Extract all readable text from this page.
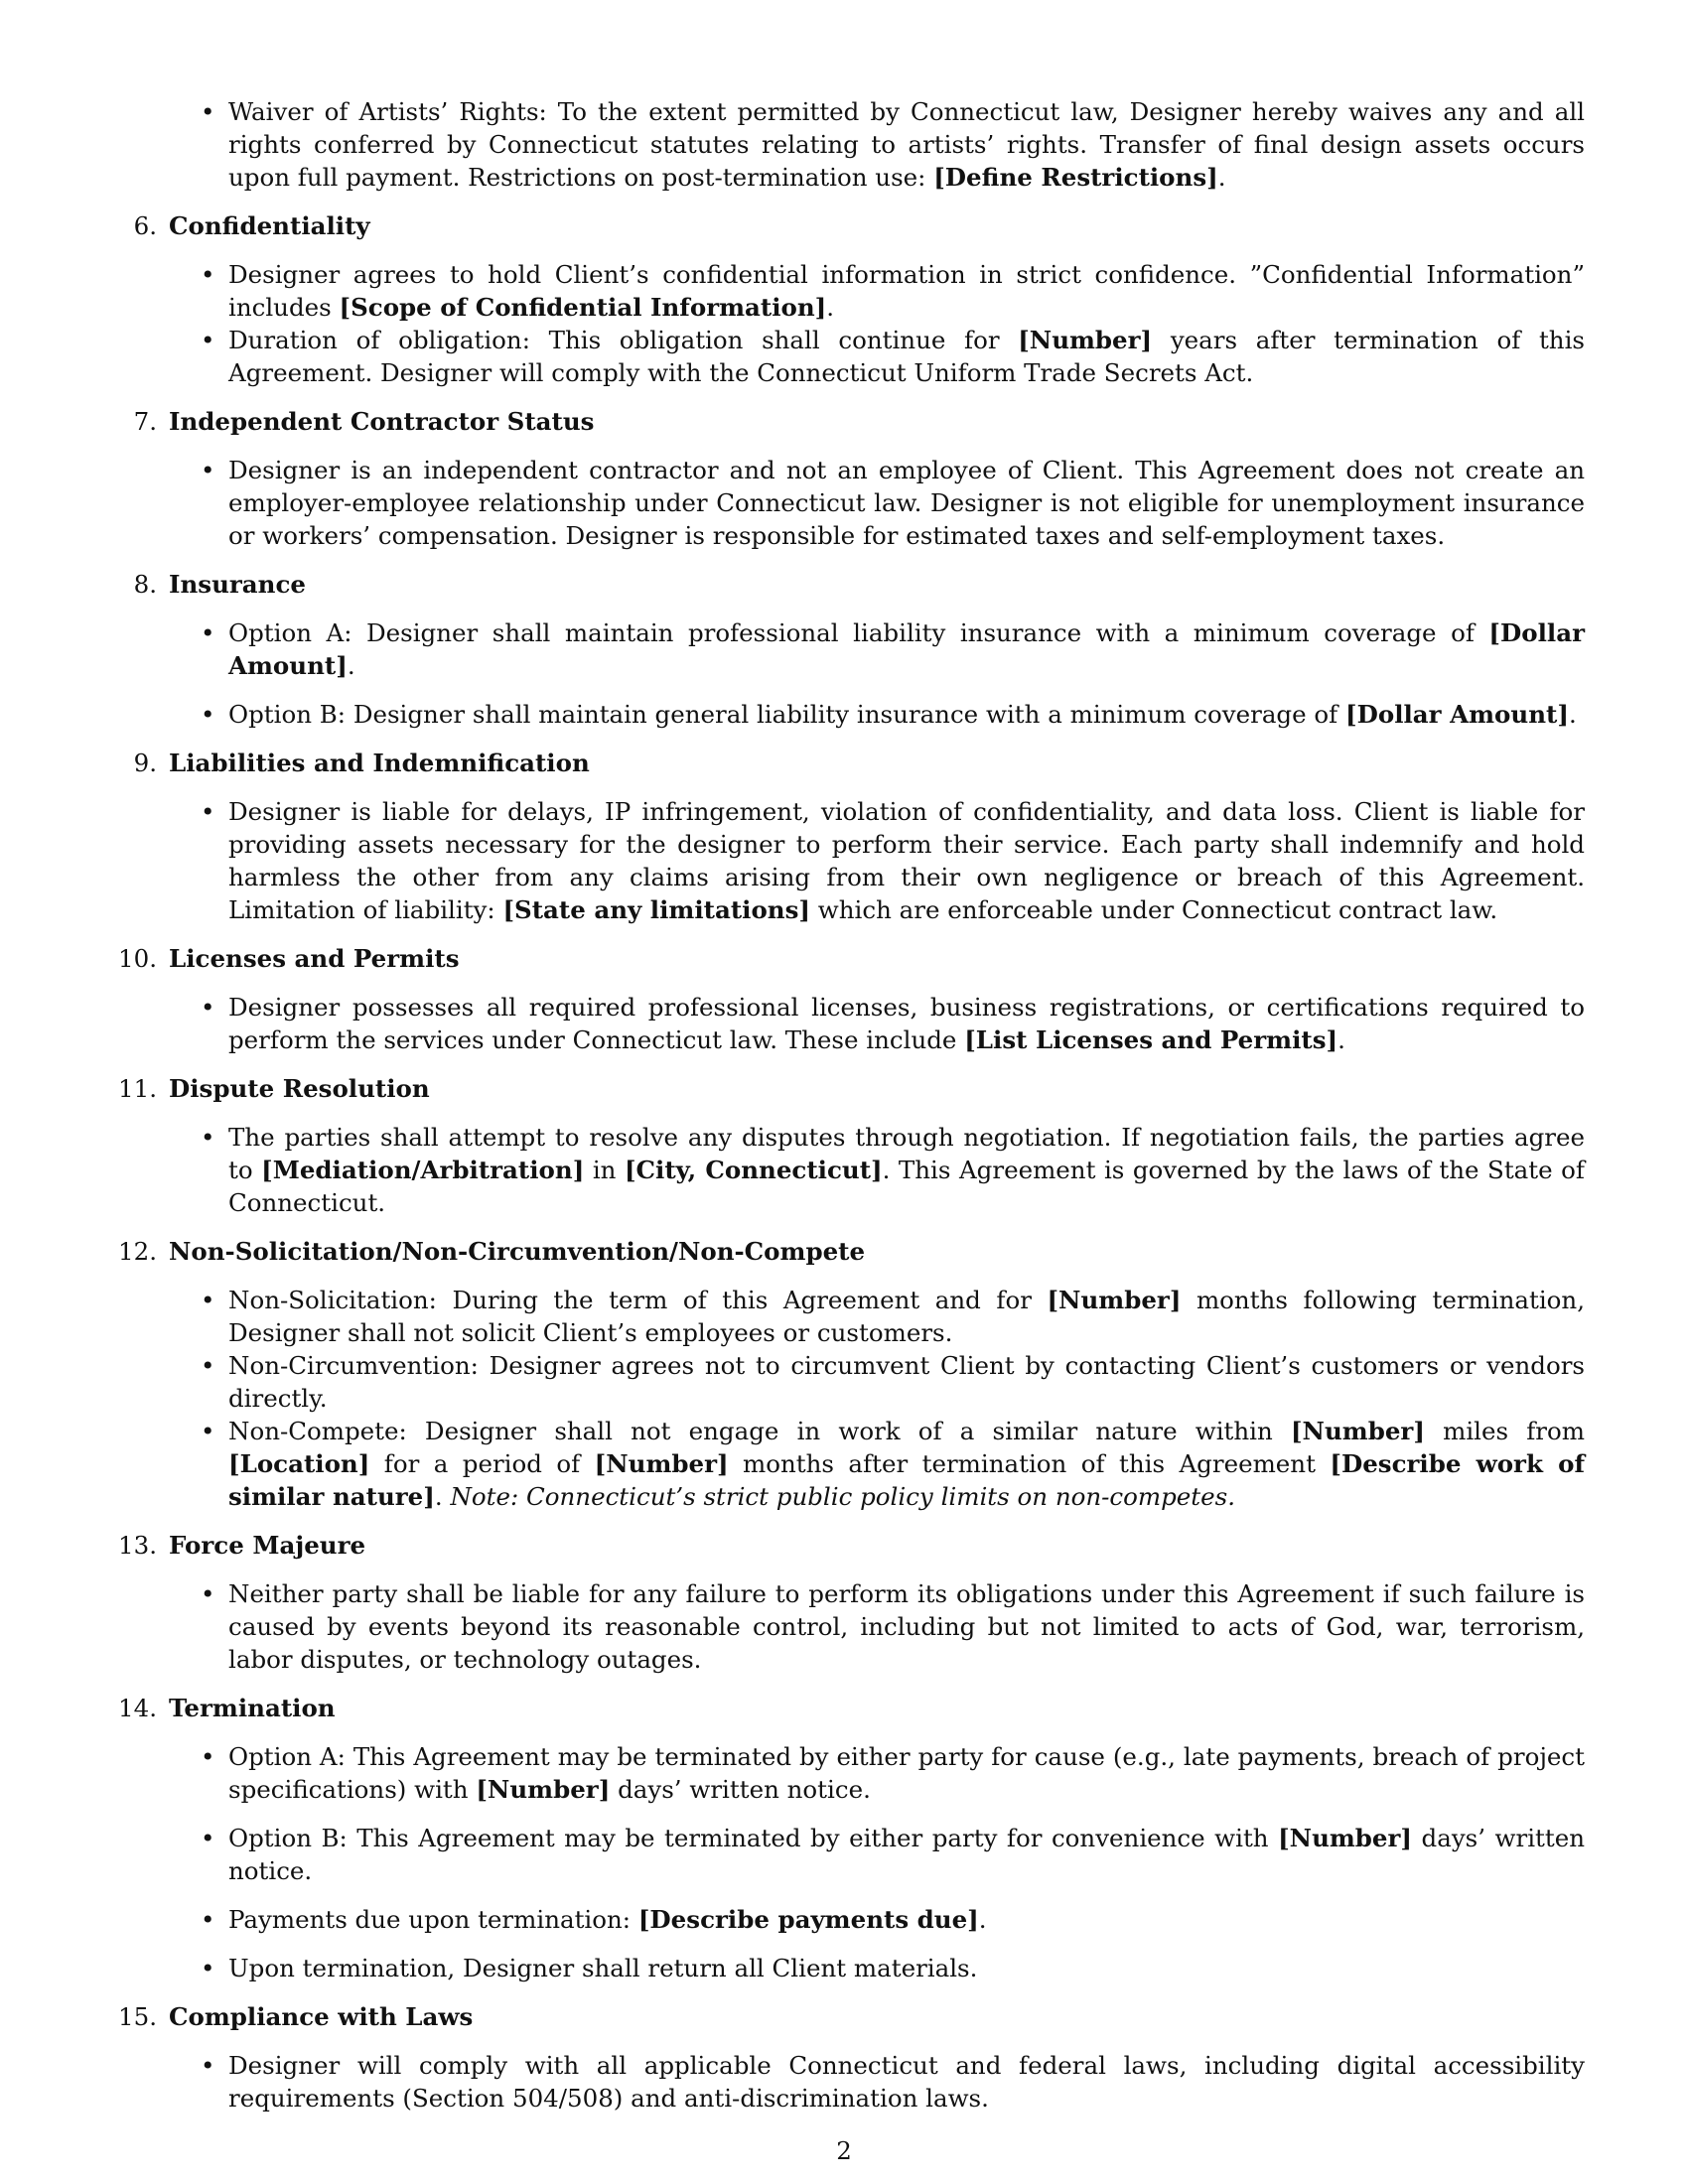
• Waiver of Artists’ Rights: To the extent permitted by Connecticut law, Designer hereby waives any and all rights conferred by Connecticut statutes relating to artists’ rights. Transfer of final design assets occurs upon full payment. Restrictions on post-termination use: [Define Restrictions].
6. Confidentiality
• Designer agrees to hold Client’s confidential information in strict confidence. ”Confidential Information” includes [Scope of Confidential Information].
• Duration of obligation: This obligation shall continue for [Number] years after termination of this Agreement. Designer will comply with the Connecticut Uniform Trade Secrets Act.
7. Independent Contractor Status
• Designer is an independent contractor and not an employee of Client. This Agreement does not create an employer-employee relationship under Connecticut law. Designer is not eligible for unemployment insurance or workers’ compensation. Designer is responsible for estimated taxes and self-employment taxes.
8. Insurance
• Option A: Designer shall maintain professional liability insurance with a minimum coverage of [Dollar Amount].
• Option B: Designer shall maintain general liability insurance with a minimum coverage of [Dollar Amount].
9. Liabilities and Indemnification
• Designer is liable for delays, IP infringement, violation of confidentiality, and data loss. Client is liable for providing assets necessary for the designer to perform their service. Each party shall indemnify and hold harmless the other from any claims arising from their own negligence or breach of this Agreement. Limitation of liability: [State any limitations] which are enforceable under Connecticut contract law.
10. Licenses and Permits
• Designer possesses all required professional licenses, business registrations, or certifications required to perform the services under Connecticut law. These include [List Licenses and Permits].
11. Dispute Resolution
• The parties shall attempt to resolve any disputes through negotiation. If negotiation fails, the parties agree to [Mediation/Arbitration] in [City, Connecticut]. This Agreement is governed by the laws of the State of Connecticut.
12. Non-Solicitation/Non-Circumvention/Non-Compete
• Non-Solicitation: During the term of this Agreement and for [Number] months following termination, Designer shall not solicit Client’s employees or customers.
• Non-Circumvention: Designer agrees not to circumvent Client by contacting Client’s customers or vendors directly.
• Non-Compete: Designer shall not engage in work of a similar nature within [Number] miles from [Location] for a period of [Number] months after termination of this Agreement [Describe work of similar nature]. Note: Connecticut’s strict public policy limits on non-competes.
13. Force Majeure
• Neither party shall be liable for any failure to perform its obligations under this Agreement if such failure is caused by events beyond its reasonable control, including but not limited to acts of God, war, terrorism, labor disputes, or technology outages.
14. Termination
• Option A: This Agreement may be terminated by either party for cause (e.g., late payments, breach of project specifications) with [Number] days’ written notice.
• Option B: This Agreement may be terminated by either party for convenience with [Number] days’ written notice.
• Payments due upon termination: [Describe payments due].
• Upon termination, Designer shall return all Client materials.
15. Compliance with Laws
• Designer will comply with all applicable Connecticut and federal laws, including digital accessibility requirements (Section 504/508) and anti-discrimination laws.
2
